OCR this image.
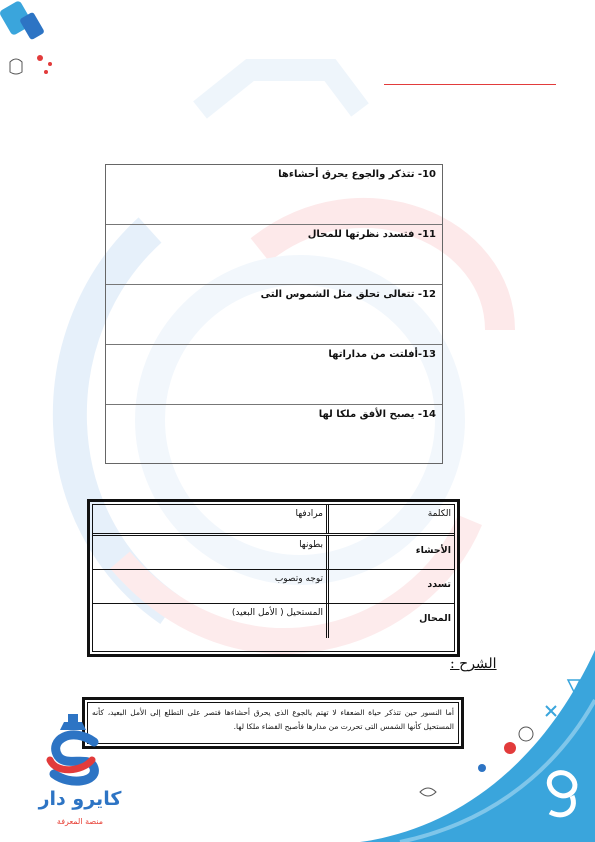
10- تتذكر والجوع يحرق أحشاءها
11- فتسدد نظرتها للمحال
12- تتعالى تحلق مثل الشموس التى
13-أفلتت من مداراتها
14- يصبح الأفق ملكا لها
الكلمة
مرادفها
الأحشاء
بطونها
تسدد
توجه وتصوب
المحال
المستحيل ( الأمل البعيد)
الشرح :
أما النسور حين تتذكر حياة الضعفاء لا تهتم بالجوع الذى يحرق أحشاءها فتصر على التطلع إلى الأمل البعيد، كأنه المستحيل كأنها الشمس التى تحررت من مدارها فأصبح الفضاء ملكا لها.
كايرو دار
منصة المعرفة
